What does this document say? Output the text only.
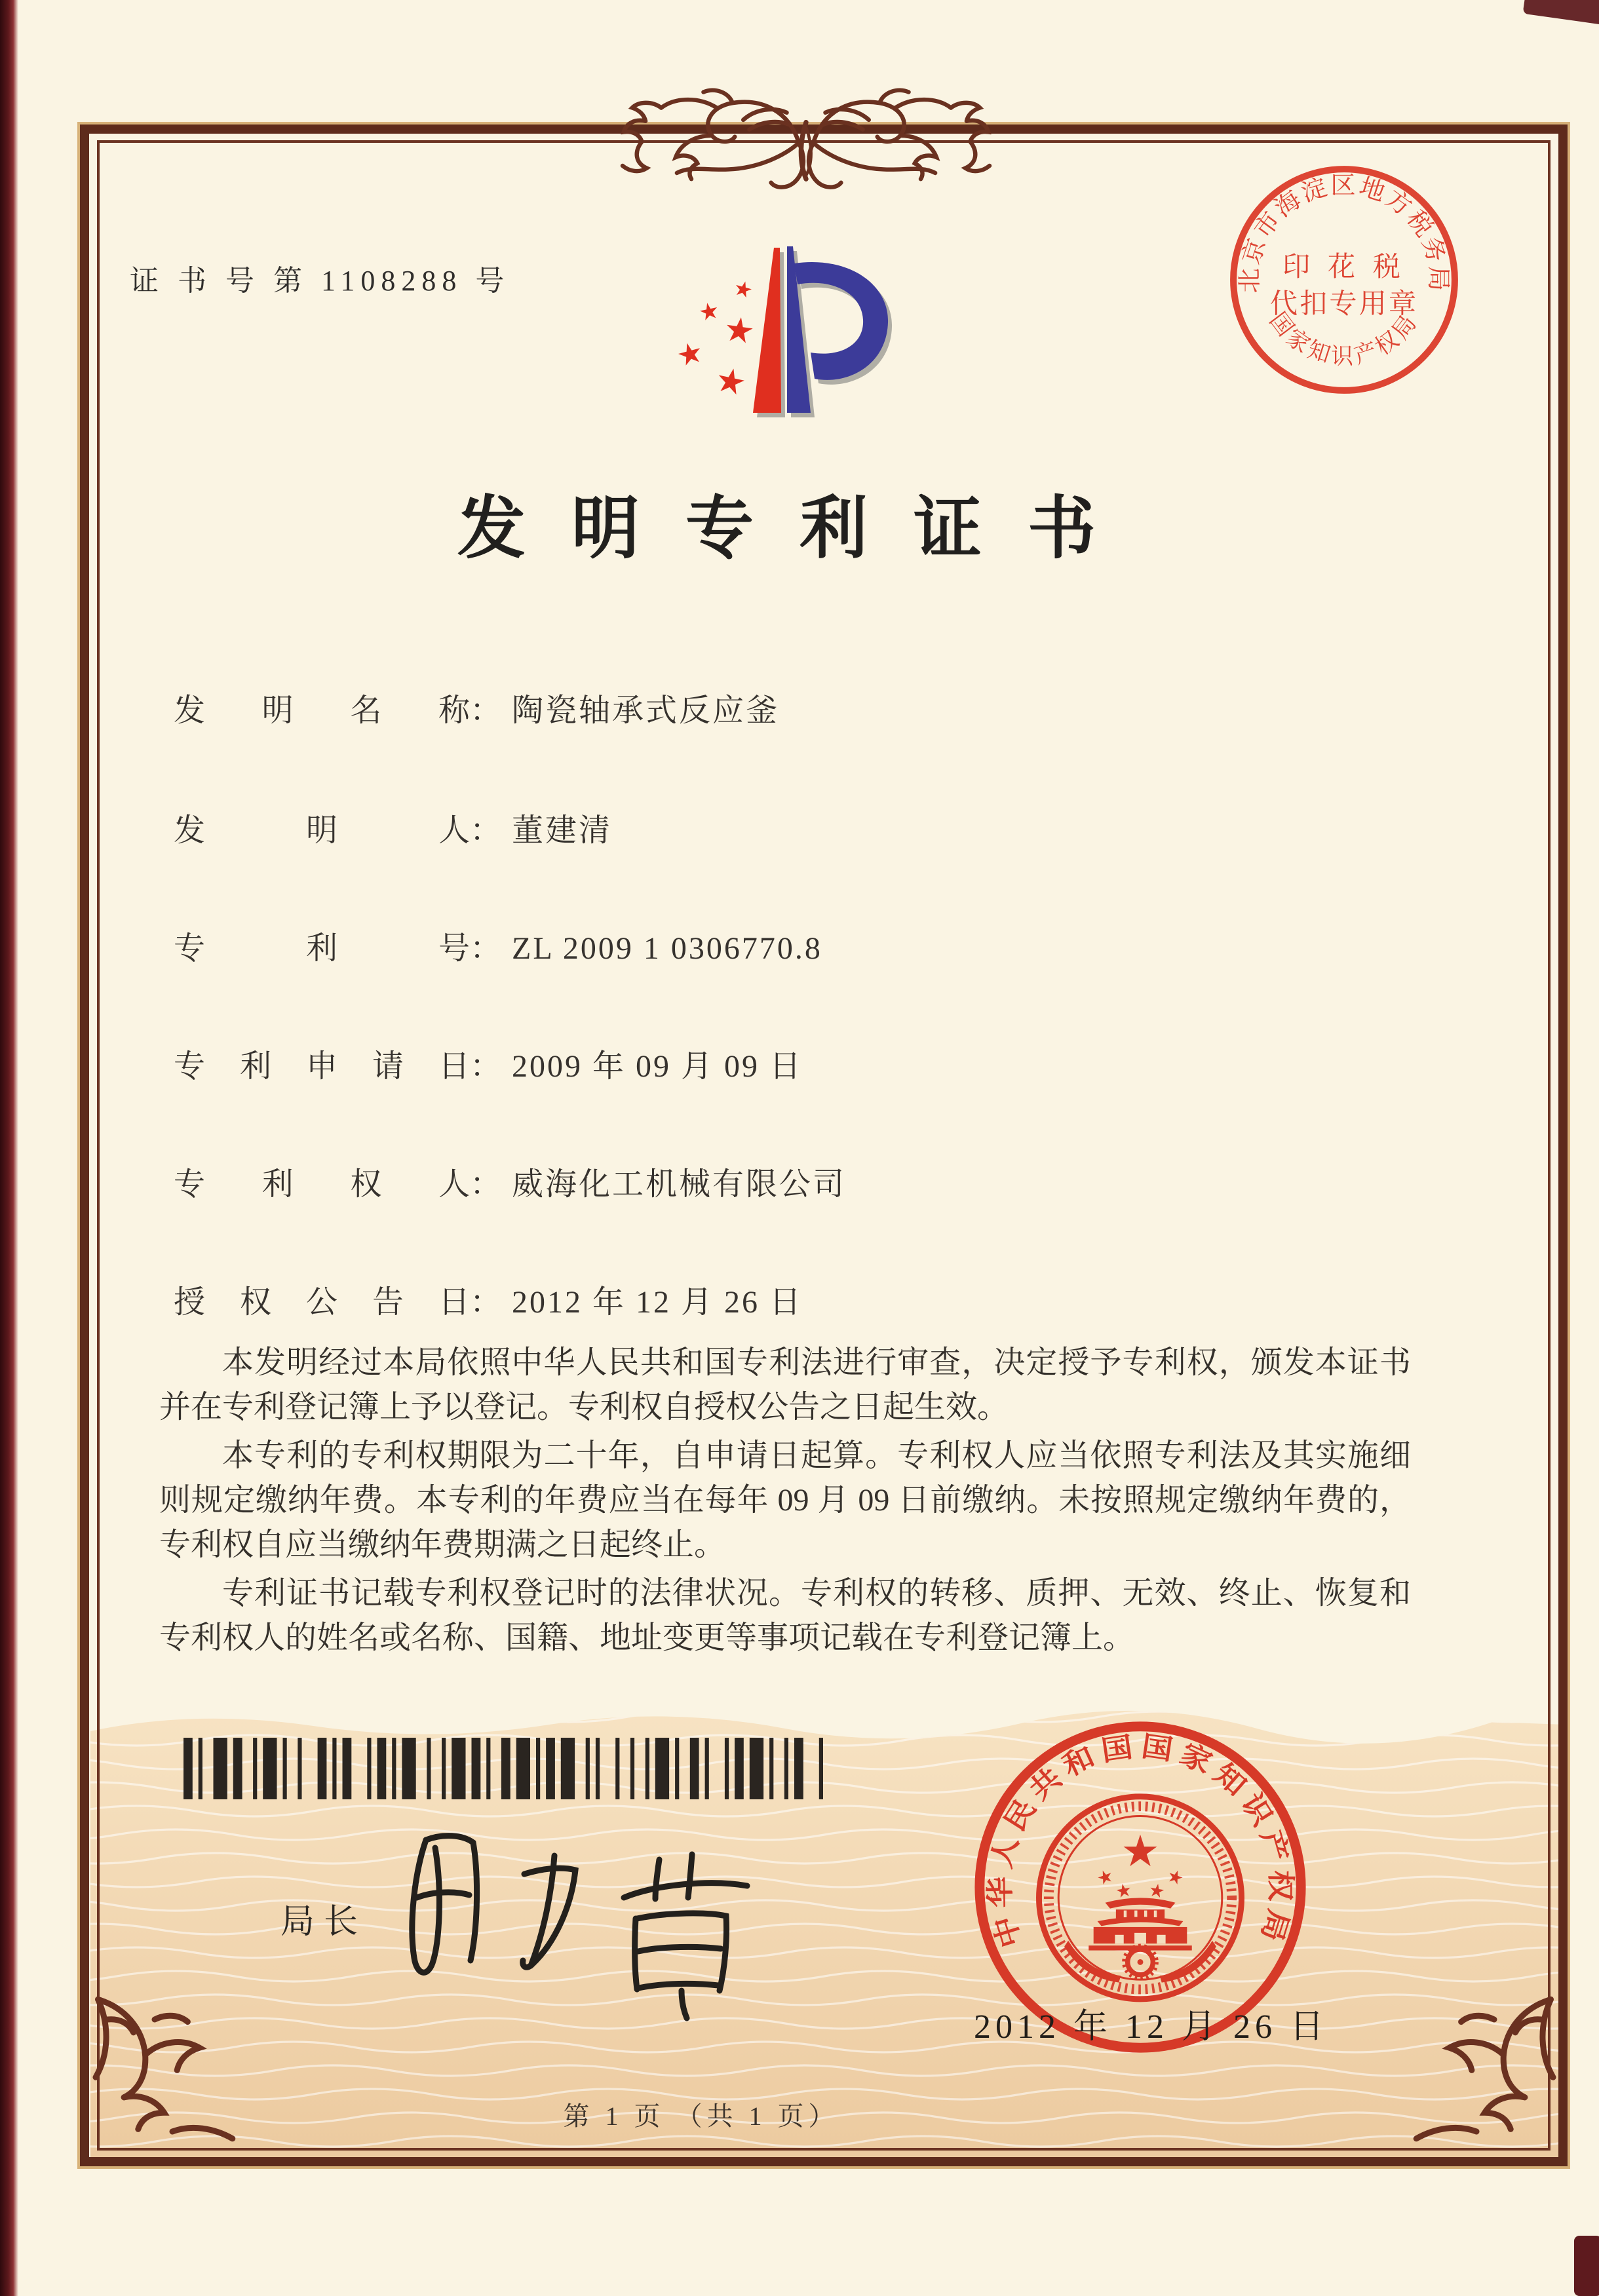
证 书 号 第 1108288 号	北京市海淀区地方税务局
印 花 税
代扣专用章
国家知识产权局
发明专利证书
发 明 名 称 ： 陶瓷轴承式反应釜
发	明	人 ： 董建清
专	利	号 ： ZL 2009 1 0306770.8
专 利 申 请 日 ： 2009 年 09 月 09 日
专 利 权 人 ： 威海化工机械有限公司
授 权 公 告 日 ： 2012 年 12 月 26 日

本发明经过本局依照中华人民共和国专利法进行审查，决定授予专利权，颁发本证书并在专利登记簿上予以登记。专利权自授权公告之日起生效。

本专利的专利权期限为二十年，自申请日起算。专利权人应当依照专利法及其实施细则规定缴纳年费。本专利的年费应当在每年 09 月 09 日前缴纳。未按照规定缴纳年费的，专利权自应当缴纳年费期满之日起终止。

专利证书记载专利权登记时的法律状况。专利权的转移、质押、无效、终止、恢复和专利权人的姓名或名称、国籍、地址变更等事项记载在专利登记簿上。

局长	中华人民共和国国家知识产权局
2012 年 12 月 26 日
第 1 页 （共 1 页）
